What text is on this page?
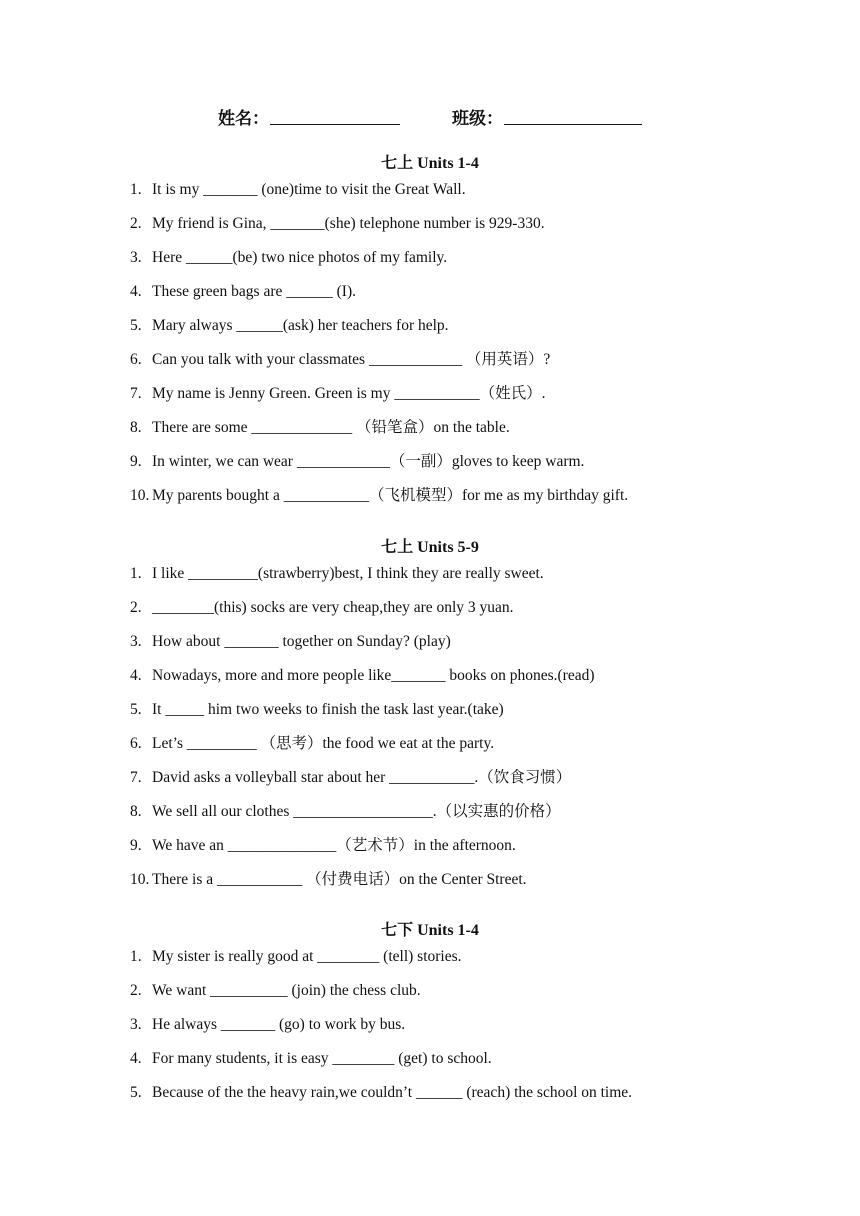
姓名：	班级：
七上 Units 1-4
1. It is my _______ (one)time to visit the Great Wall.
2. My friend is Gina, _______(she) telephone number is 929-330.
3. Here ______(be) two nice photos of my family.
4. These green bags are ______ (I).
5. Mary always ______(ask) her teachers for help.
6. Can you talk with your classmates ____________ （用英语）?
7. My name is Jenny Green. Green is my ___________（姓氏）.
8. There are some _____________ （铅笔盒）on the table.
9. In winter, we can wear ____________（一副）gloves to keep warm.
10. My parents bought a ___________（飞机模型）for me as my birthday gift.
七上 Units 5-9
1. I like _________(strawberry)best, I think they are really sweet.
2. ________(this) socks are very cheap,they are only 3 yuan.
3. How about _______ together on Sunday? (play)
4. Nowadays, more and more people like_______ books on phones.(read)
5. It _____ him two weeks to finish the task last year.(take)
6. Let’s _________ （思考）the food we eat at the party.
7. David asks a volleyball star about her ___________.（饮食习惯）
8. We sell all our clothes __________________.（以实惠的价格）
9. We have an ______________（艺术节）in the afternoon.
10. There is a ___________ （付费电话）on the Center Street.
七下 Units 1-4
1. My sister is really good at ________ (tell) stories.
2. We want __________ (join) the chess club.
3. He always _______ (go) to work by bus.
4. For many students, it is easy ________ (get) to school.
5. Because of the the heavy rain,we couldn’t ______ (reach) the school on time.
